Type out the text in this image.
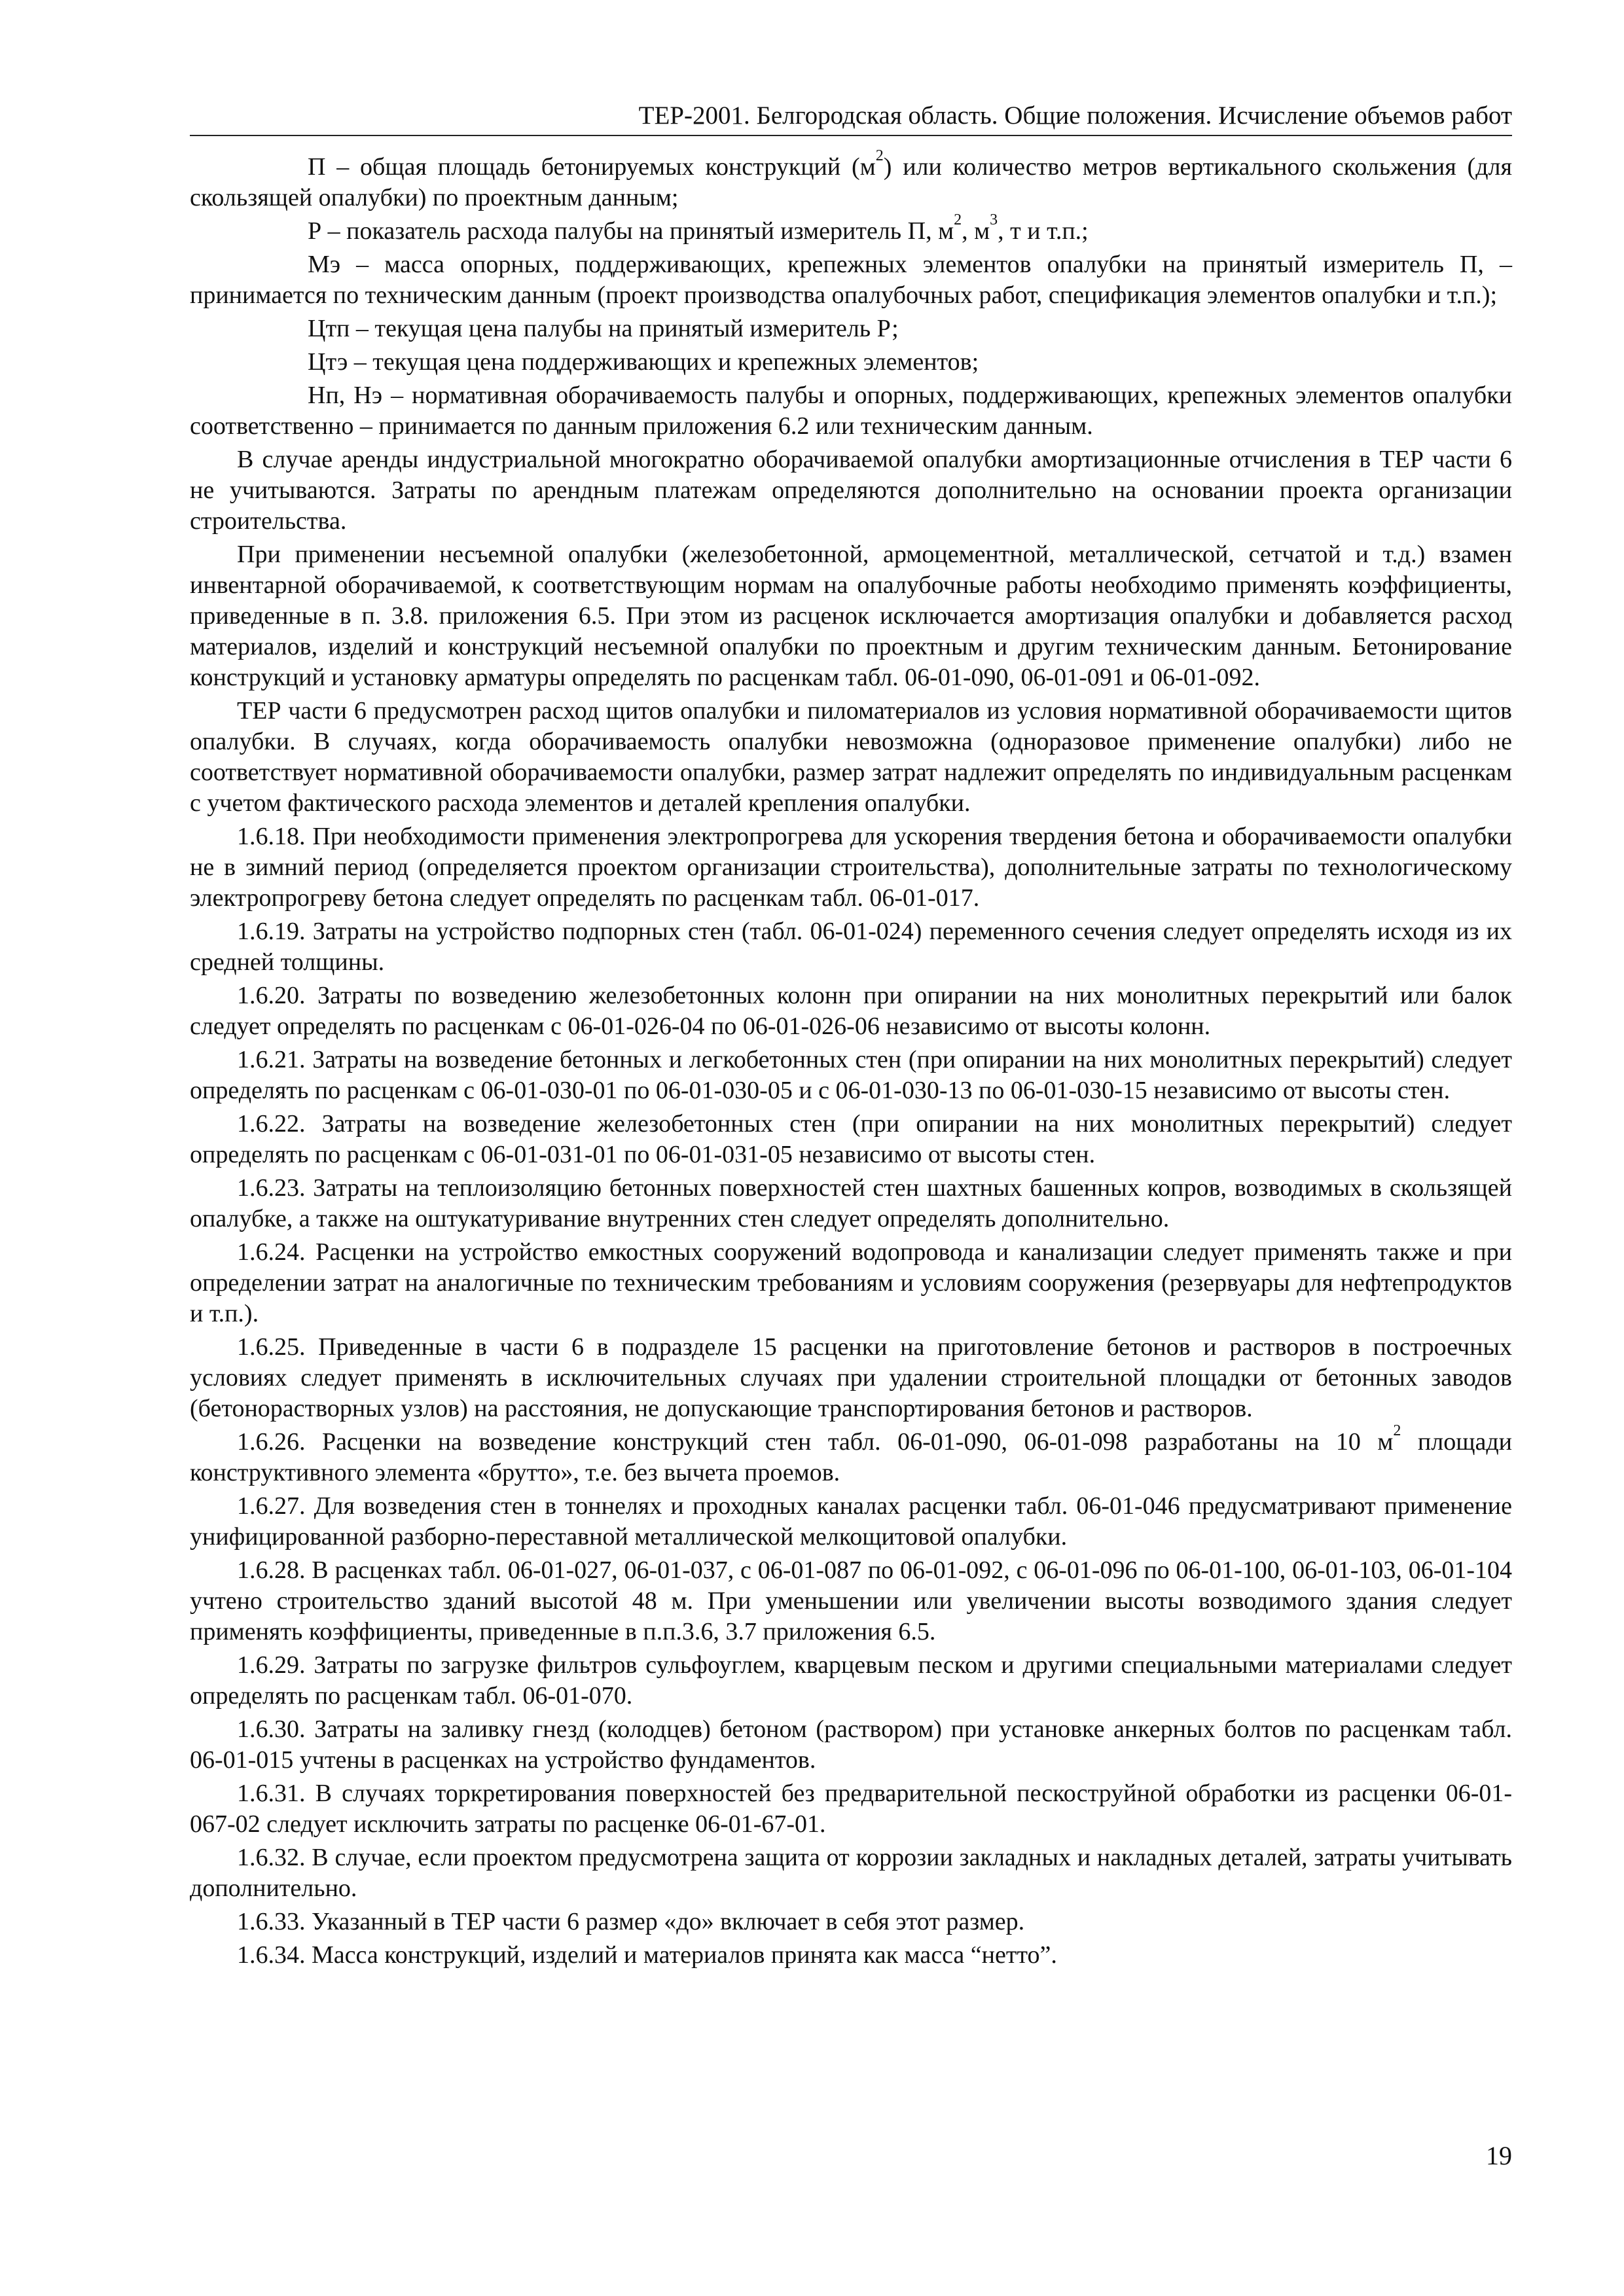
ТЕР-2001. Белгородская область. Общие положения. Исчисление объемов работ

П – общая площадь бетонируемых конструкций $(м^2)$ или количество метров вертикального скольжения (для скользящей опалубки) по проектным данным;

Р – показатель расхода палубы на принятый измеритель П, $м^2$, $м^3$, т и т.п.;

Мэ – масса опорных, поддерживающих, крепежных элементов опалубки на принятый измеритель П, – принимается по техническим данным (проект производства опалубочных работ, спецификация элементов опалубки и т.п.);

Цтп – текущая цена палубы на принятый измеритель Р;

Цтэ – текущая цена поддерживающих и крепежных элементов;

Нп, Нэ – нормативная оборачиваемость палубы и опорных, поддерживающих, крепежных элементов опалубки соответственно – принимается по данным приложения 6.2 или техническим данным.

В случае аренды индустриальной многократно оборачиваемой опалубки амортизационные отчисления в ТЕР части 6 не учитываются. Затраты по арендным платежам определяются дополнительно на основании проекта организации строительства.

При применении несъемной опалубки (железобетонной, армоцементной, металлической, сетчатой и т.д.) взамен инвентарной оборачиваемой, к соответствующим нормам на опалубочные работы необходимо применять коэффициенты, приведенные в п. 3.8. приложения 6.5. При этом из расценок исключается амортизация опалубки и добавляется расход материалов, изделий и конструкций несъемной опалубки по проектным и другим техническим данным. Бетонирование конструкций и установку арматуры определять по расценкам табл. 06-01-090, 06-01-091 и 06-01-092.

ТЕР части 6 предусмотрен расход щитов опалубки и пиломатериалов из условия нормативной оборачиваемости щитов опалубки. В случаях, когда оборачиваемость опалубки невозможна (одноразовое применение опалубки) либо не соответствует нормативной оборачиваемости опалубки, размер затрат надлежит определять по индивидуальным расценкам с учетом фактического расхода элементов и деталей крепления опалубки.

1.6.18. При необходимости применения электропрогрева для ускорения твердения бетона и оборачиваемости опалубки не в зимний период (определяется проектом организации строительства), дополнительные затраты по технологическому электропрогреву бетона следует определять по расценкам табл. 06-01-017.

1.6.19. Затраты на устройство подпорных стен (табл. 06-01-024) переменного сечения следует определять исходя из их средней толщины.

1.6.20. Затраты по возведению железобетонных колонн при опирании на них монолитных перекрытий или балок следует определять по расценкам с 06-01-026-04 по 06-01-026-06 независимо от высоты колонн.

1.6.21. Затраты на возведение бетонных и легкобетонных стен (при опирании на них монолитных перекрытий) следует определять по расценкам с 06-01-030-01 по 06-01-030-05 и с 06-01-030-13 по 06-01-030-15 независимо от высоты стен.

1.6.22. Затраты на возведение железобетонных стен (при опирании на них монолитных перекрытий) следует определять по расценкам с 06-01-031-01 по 06-01-031-05 независимо от высоты стен.

1.6.23. Затраты на теплоизоляцию бетонных поверхностей стен шахтных башенных копров, возводимых в скользящей опалубке, а также на оштукатуривание внутренних стен следует определять дополнительно.

1.6.24. Расценки на устройство емкостных сооружений водопровода и канализации следует применять также и при определении затрат на аналогичные по техническим требованиям и условиям сооружения (резервуары для нефтепродуктов и т.п.).

1.6.25. Приведенные в части 6 в подразделе 15 расценки на приготовление бетонов и растворов в построечных условиях следует применять в исключительных случаях при удалении строительной площадки от бетонных заводов (бетонорастворных узлов) на расстояния, не допускающие транспортирования бетонов и растворов.

1.6.26. Расценки на возведение конструкций стен табл. 06-01-090, 06-01-098 разработаны на 10 $м^2$ площади конструктивного элемента «брутто», т.е. без вычета проемов.

1.6.27. Для возведения стен в тоннелях и проходных каналах расценки табл. 06-01-046 предусматривают применение унифицированной разборно-переставной металлической мелкощитовой опалубки.

1.6.28. В расценках табл. 06-01-027, 06-01-037, с 06-01-087 по 06-01-092, с 06-01-096 по 06-01-100, 06-01-103, 06-01-104 учтено строительство зданий высотой 48 м. При уменьшении или увеличении высоты возводимого здания следует применять коэффициенты, приведенные в п.п.3.6, 3.7 приложения 6.5.

1.6.29. Затраты по загрузке фильтров сульфоуглем, кварцевым песком и другими специальными материалами следует определять по расценкам табл. 06-01-070.

1.6.30. Затраты на заливку гнезд (колодцев) бетоном (раствором) при установке анкерных болтов по расценкам табл. 06-01-015 учтены в расценках на устройство фундаментов.

1.6.31. В случаях торкретирования поверхностей без предварительной пескоструйной обработки из расценки 06-01-067-02 следует исключить затраты по расценке 06-01-67-01.

1.6.32. В случае, если проектом предусмотрена защита от коррозии закладных и накладных деталей, затраты учитывать дополнительно.

1.6.33. Указанный в ТЕР части 6 размер «до» включает в себя этот размер.

1.6.34. Масса конструкций, изделий и материалов принята как масса “нетто”.

19
